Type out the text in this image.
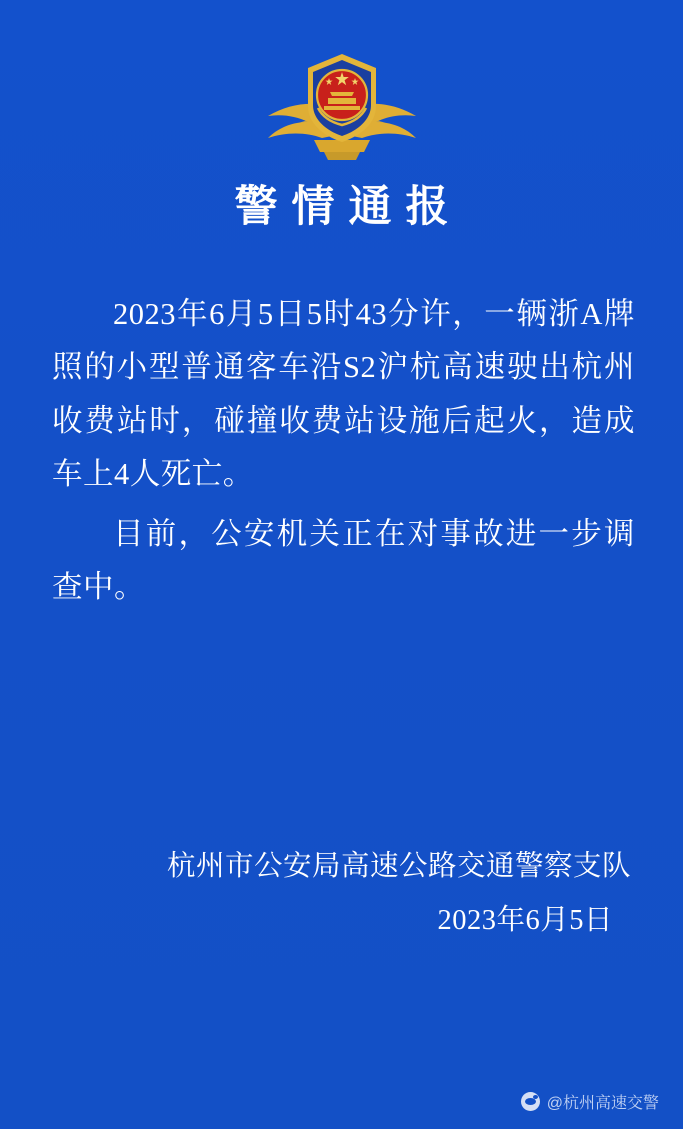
警情通报

2023年6月5日5时43分许，一辆浙A牌照的小型普通客车沿S2沪杭高速驶出杭州收费站时，碰撞收费站设施后起火，造成车上4人死亡。

目前，公安机关正在对事故进一步调查中。

杭州市公安局高速公路交通警察支队
2023年6月5日
@杭州高速交警
